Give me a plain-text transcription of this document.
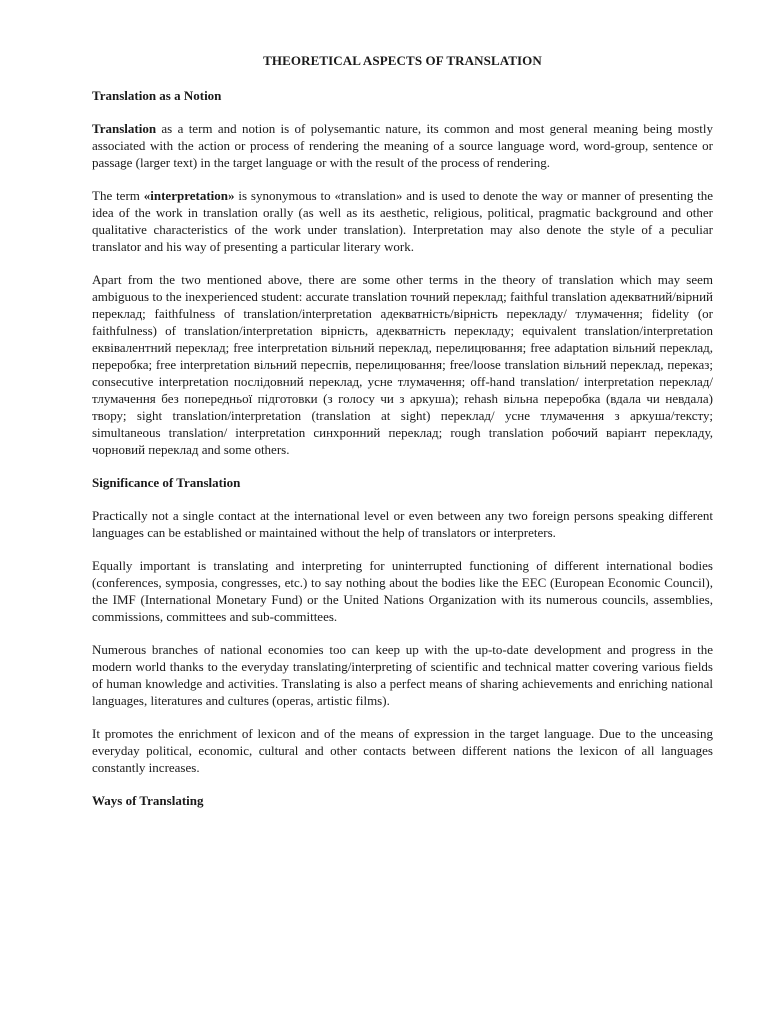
THEORETICAL ASPECTS OF TRANSLATION
Translation as a Notion

Translation as a term and notion is of polysemantic nature, its common and most general meaning being mostly associated with the action or process of rendering the meaning of a source language word, word-group, sentence or passage (larger text) in the target language or with the result of the process of rendering.

The term «interpretation» is synonymous to «translation» and is used to denote the way or manner of presenting the idea of the work in translation orally (as well as its aesthetic, religious, political, pragmatic background and other qualitative characteristics of the work under translation). Interpretation may also denote the style of a peculiar translator and his way of presenting a particular literary work.

Apart from the two mentioned above, there are some other terms in the theory of translation which may seem ambiguous to the inexperienced student: accurate translation точний переклад; faithful translation адекватний/вірний переклад; faithfulness of translation/interpretation адекватність/вірність перекладу/ тлумачення; fidelity (or faithfulness) of translation/interpretation вірність, адекватність перекладу; equivalent translation/interpretation еквівалентний переклад; free interpretation вільний переклад, перелицювання; free adaptation вільний переклад, переробка; free interpretation вільний переспів, перелицювання; free/loose translation вільний переклад, переказ; consecutive interpretation послідовний переклад, усне тлумачення; off-hand translation/ interpretation переклад/тлумачення без попередньої підготовки (з голосу чи з аркуша); rehash вільна переробка (вдала чи невдала) твору; sight translation/interpretation (translation at sight) переклад/ усне тлумачення з аркуша/тексту; simultaneous translation/ interpretation синхронний переклад; rough translation робочий варіант перекладу, чорновий переклад and some others.

Significance of Translation

Practically not a single contact at the international level or even between any two foreign persons speaking different languages can be established or maintained without the help of translators or interpreters.

Equally important is translating and interpreting for uninterrupted functioning of different international bodies (conferences, symposia, congresses, etc.) to say nothing about the bodies like the EEC (European Economic Council), the IMF (International Monetary Fund) or the United Nations Organization with its numerous councils, assemblies, commissions, committees and sub-committees.

Numerous branches of national economies too can keep up with the up-to-date development and progress in the modern world thanks to the everyday translating/interpreting of scientific and technical matter covering various fields of human knowledge and activities. Translating is also a perfect means of sharing achievements and enriching national languages, literatures and cultures (operas, artistic films).

It promotes the enrichment of lexicon and of the means of expression in the target language. Due to the unceasing everyday political, economic, cultural and other contacts between different nations the lexicon of all languages constantly increases.

Ways of Translating
